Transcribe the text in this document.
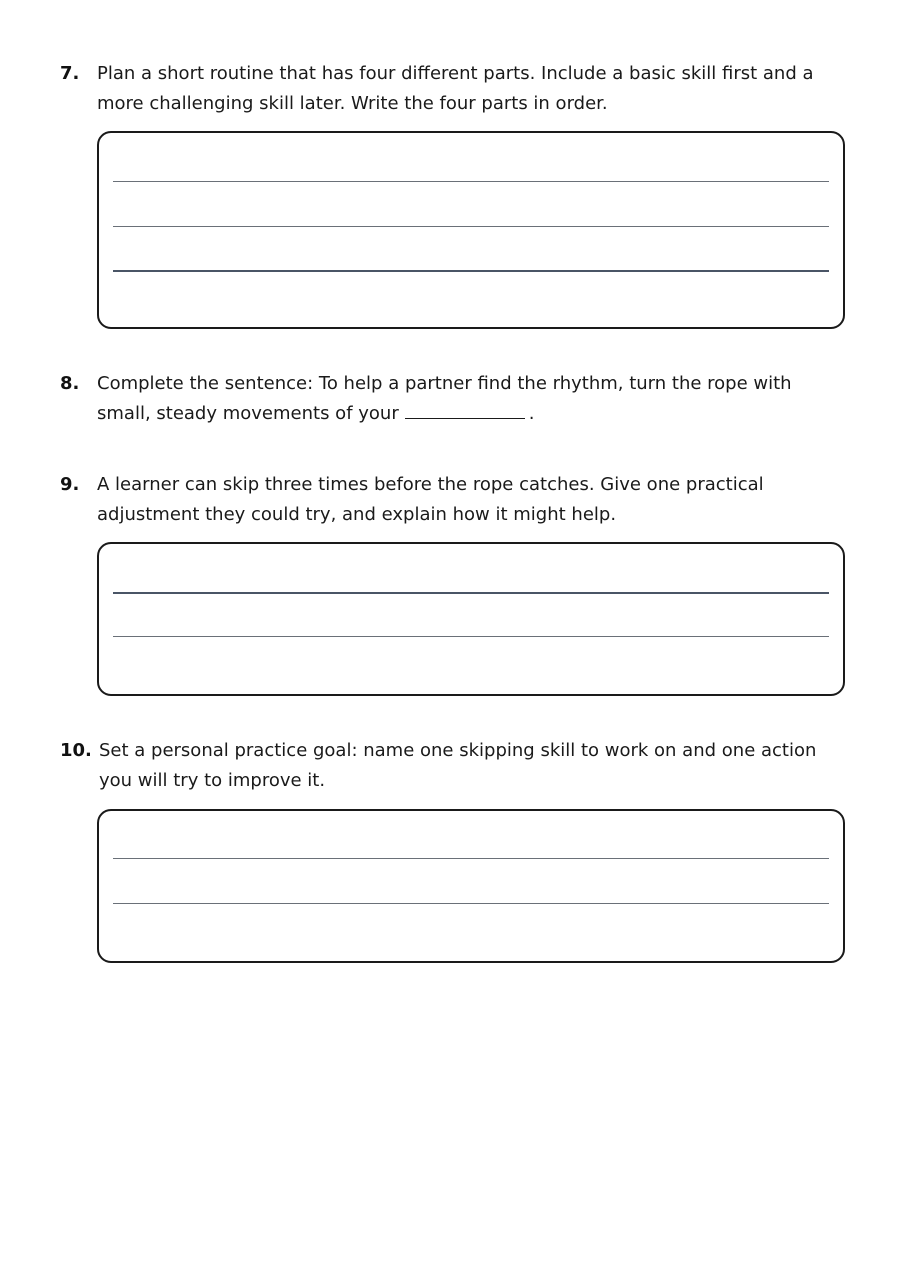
7. Plan a short routine that has four different parts. Include a basic skill first and a
more challenging skill later. Write the four parts in order.
8. Complete the sentence: To help a partner find the rhythm, turn the rope with
small, steady movements of your	.
9. A learner can skip three times before the rope catches. Give one practical
adjustment they could try, and explain how it might help.
10. Set a personal practice goal: name one skipping skill to work on and one action
you will try to improve it.
